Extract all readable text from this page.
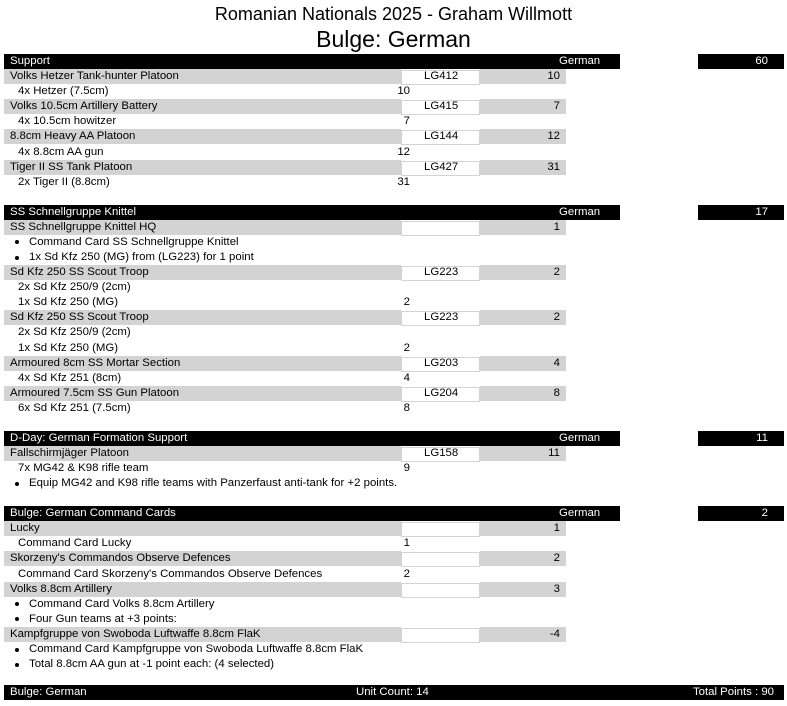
Romanian Nationals 2025 - Graham Willmott
Bulge: German
Support	German	60
Volks Hetzer Tank-hunter Platoon	LG412	10
4x Hetzer (7.5cm)	10
Volks 10.5cm Artillery Battery	LG415	7
4x 10.5cm howitzer	7
8.8cm Heavy AA Platoon	LG144	12
4x 8.8cm AA gun	12
Tiger II SS Tank Platoon	LG427	31
2x Tiger II (8.8cm)	31
SS Schnellgruppe Knittel	German	17
SS Schnellgruppe Knittel HQ	1
Command Card SS Schnellgruppe Knittel
1x Sd Kfz 250 (MG) from (LG223) for 1 point
Sd Kfz 250 SS Scout Troop	LG223	2
2x Sd Kfz 250/9 (2cm)
1x Sd Kfz 250 (MG)	2
Sd Kfz 250 SS Scout Troop	LG223	2
2x Sd Kfz 250/9 (2cm)
1x Sd Kfz 250 (MG)	2
Armoured 8cm SS Mortar Section	LG203	4
4x Sd Kfz 251 (8cm)	4
Armoured 7.5cm SS Gun Platoon	LG204	8
6x Sd Kfz 251 (7.5cm)	8
D-Day: German Formation Support	German	11
Fallschirmjäger Platoon	LG158	11
7x MG42 & K98 rifle team	9
Equip MG42 and K98 rifle teams with Panzerfaust anti-tank for +2 points.
Bulge: German Command Cards	German	2
Lucky	1
Command Card Lucky	1
Skorzeny's Commandos Observe Defences	2
Command Card Skorzeny's Commandos Observe Defences	2
Volks 8.8cm Artillery	3
Command Card Volks 8.8cm Artillery
Four Gun teams at +3 points:
Kampfgruppe von Swoboda Luftwaffe 8.8cm FlaK	-4
Command Card Kampfgruppe von Swoboda Luftwaffe 8.8cm FlaK
Total 8.8cm AA gun at -1 point each: (4 selected)
Bulge: German	Unit Count: 14	Total Points : 90
